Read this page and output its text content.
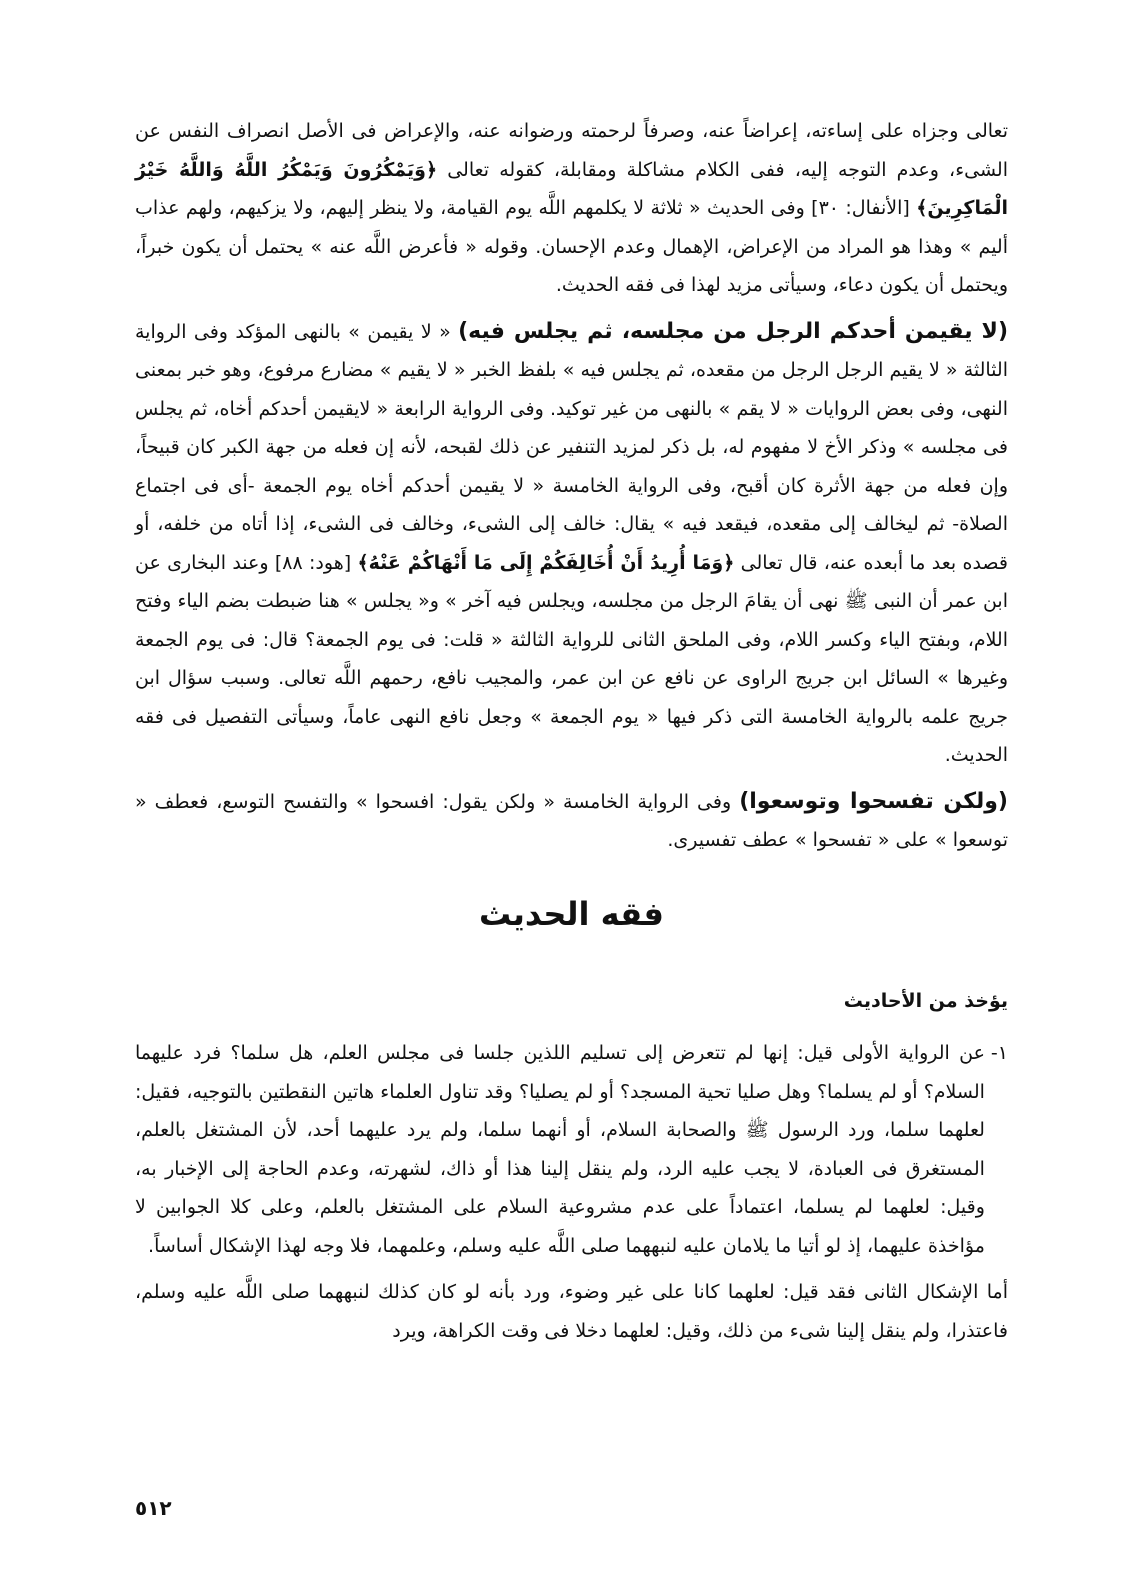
تعالى وجزاه على إساءته، إعراضاً عنه، وصرفاً لرحمته ورضوانه عنه، والإعراض فى الأصل انصراف النفس عن الشىء، وعدم التوجه إليه، ففى الكلام مشاكلة ومقابلة، كقوله تعالى ﴿وَيَمْكُرُونَ وَيَمْكُرُ اللَّهُ وَاللَّهُ خَيْرُ الْمَاكِرِينَ﴾ [الأنفال: ٣٠] وفى الحديث « ثلاثة لا يكلمهم اللَّه يوم القيامة، ولا ينظر إليهم، ولا يزكيهم، ولهم عذاب أليم » وهذا هو المراد من الإعراض، الإهمال وعدم الإحسان. وقوله « فأعرض اللَّه عنه » يحتمل أن يكون خبراً، ويحتمل أن يكون دعاء، وسيأتى مزيد لهذا فى فقه الحديث.

(لا يقيمن أحدكم الرجل من مجلسه، ثم يجلس فيه) « لا يقيمن » بالنهى المؤكد وفى الرواية الثالثة « لا يقيم الرجل الرجل من مقعده، ثم يجلس فيه » بلفظ الخبر « لا يقيم » مضارع مرفوع، وهو خبر بمعنى النهى، وفى بعض الروايات « لا يقم » بالنهى من غير توكيد. وفى الرواية الرابعة « لايقيمن أحدكم أخاه، ثم يجلس فى مجلسه » وذكر الأخ لا مفهوم له، بل ذكر لمزيد التنفير عن ذلك لقبحه، لأنه إن فعله من جهة الكبر كان قبيحاً، وإن فعله من جهة الأثرة كان أقبح، وفى الرواية الخامسة « لا يقيمن أحدكم أخاه يوم الجمعة -أى فى اجتماع الصلاة- ثم ليخالف إلى مقعده، فيقعد فيه » يقال: خالف إلى الشىء، وخالف فى الشىء، إذا أتاه من خلفه، أو قصده بعد ما أبعده عنه، قال تعالى ﴿وَمَا أُرِيدُ أَنْ أُخَالِفَكُمْ إِلَى مَا أَنْهَاكُمْ عَنْهُ﴾ [هود: ٨٨] وعند البخارى عن ابن عمر أن النبى ﷺ نهى أن يقامَ الرجل من مجلسه، ويجلس فيه آخر » و« يجلس » هنا ضبطت بضم الياء وفتح اللام، وبفتح الياء وكسر اللام، وفى الملحق الثانى للرواية الثالثة « قلت: فى يوم الجمعة؟ قال: فى يوم الجمعة وغيرها » السائل ابن جريج الراوى عن نافع عن ابن عمر، والمجيب نافع، رحمهم اللَّه تعالى. وسبب سؤال ابن جريج علمه بالرواية الخامسة التى ذكر فيها « يوم الجمعة » وجعل نافع النهى عاماً، وسيأتى التفصيل فى فقه الحديث.

(ولكن تفسحوا وتوسعوا) وفى الرواية الخامسة « ولكن يقول: افسحوا » والتفسح التوسع، فعطف « توسعوا » على « تفسحوا » عطف تفسيرى.

فقه الحديث
يؤخذ من الأحاديث
١-
عن الرواية الأولى قيل: إنها لم تتعرض إلى تسليم اللذين جلسا فى مجلس العلم، هل سلما؟ فرد عليهما السلام؟ أو لم يسلما؟ وهل صليا تحية المسجد؟ أو لم يصليا؟ وقد تناول العلماء هاتين النقطتين بالتوجيه، فقيل: لعلهما سلما، ورد الرسول ﷺ والصحابة السلام، أو أنهما سلما، ولم يرد عليهما أحد، لأن المشتغل بالعلم، المستغرق فى العبادة، لا يجب عليه الرد، ولم ينقل إلينا هذا أو ذاك، لشهرته، وعدم الحاجة إلى الإخبار به، وقيل: لعلهما لم يسلما، اعتماداً على عدم مشروعية السلام على المشتغل بالعلم، وعلى كلا الجوابين لا مؤاخذة عليهما، إذ لو أتيا ما يلامان عليه لنبههما صلى اللَّه عليه وسلم، وعلمهما، فلا وجه لهذا الإشكال أساساً.

أما الإشكال الثانى فقد قيل: لعلهما كانا على غير وضوء، ورد بأنه لو كان كذلك لنبههما صلى اللَّه عليه وسلم، فاعتذرا، ولم ينقل إلينا شىء من ذلك، وقيل: لعلهما دخلا فى وقت الكراهة، ويرد

٥١٢
